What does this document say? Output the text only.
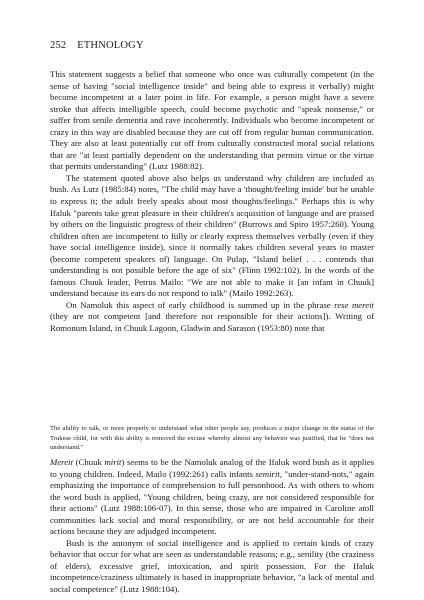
252 ETHNOLOGY

This statement suggests a belief that someone who once was culturally competent (in the sense of having "social intelligence inside" and being able to express it verbally) might become incompetent at a later point in life. For example, a person might have a severe stroke that affects intelligible speech, could become psychotic and "speak nonsense," or suffer from senile dementia and rave incoherently. Individuals who become incompetent or crazy in this way are disabled because they are cut off from regular human communication. They are also at least potentially cut off from culturally constructed moral social relations that are "at least partially dependent on the understanding that permits virtue or the virtue that permits understanding" (Lutz 1988:82).

The statement quoted above also helps us understand why children are included as bush. As Lutz (1985:84) notes, "The child may have a 'thought/feeling inside' but be unable to express it; the adult freely speaks about most thoughts/feelings." Perhaps this is why Ifaluk "parents take great pleasure in their children's acquisition of language and are praised by others on the linguistic progress of their children" (Burrows and Spiro 1957:260). Young children often are incompetent to fully or clearly express themselves verbally (even if they have social intelligence inside), since it normally takes children several years to master (become competent speakers of) language. On Pulap, "Island belief . . . contends that understanding is not possible before the age of six" (Flinn 1992:102). In the words of the famous Chuuk leader, Petrus Mailo: "We are not able to make it [an infant in Chuuk] understand because its ears do not respond to talk" (Mailo 1992:263).

On Namoluk this aspect of early childhood is summed up in the phrase rese mereit (they are not competent [and therefore not responsible for their actions]). Writing of Romonum Island, in Chuuk Lagoon, Gladwin and Sarason (1953:80) note that

The ability to talk, or more properly to understand what other people say, produces a major change in the status of the Trukese child, for with this ability is removed the excuse whereby almost any behavior was justified, that he "does not understand."

Mereit (Chuuk mirit) seems to be the Namoluk analog of the Ifaluk word bush as it applies to young children. Indeed, Mailo (1992:261) calls infants semirit, "under-stand-nots," again emphasizing the importance of comprehension to full personhood. As with others to whom the word bush is applied, "Young children, being crazy, are not considered responsible for their actions" (Lutz 1988:106-07). In this sense, those who are impaired in Caroline atoll communities lack social and moral responsibility, or are not held accountable for their actions because they are adjudged incompetent.

Bush is the antonym of social intelligence and is applied to certain kinds of crazy behavior that occur for what are seen as understandable reasons; e.g., senility (the craziness of elders), excessive grief, intoxication, and spirit possession. For the Ifaluk incompetence/craziness ultimately is based in inappropriate behavior, "a lack of mental and social competence" (Lutz 1988:104).
